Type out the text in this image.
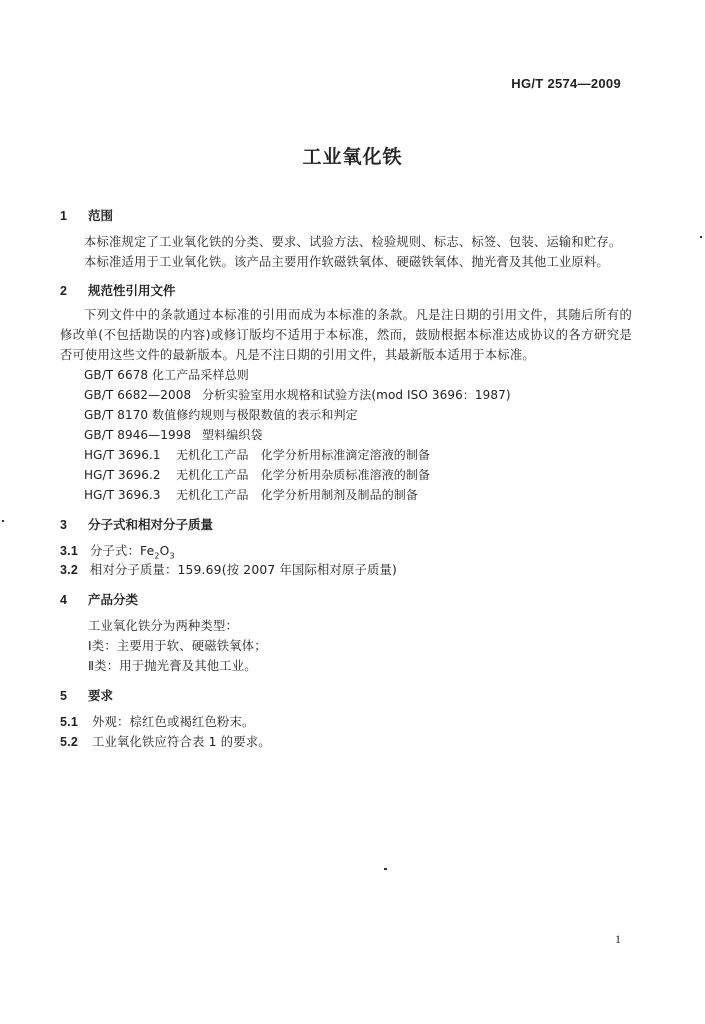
HG/T 2574—2009
工业氧化铁
1 范围
本标准规定了工业氧化铁的分类、要求、试验方法、检验规则、标志、标签、包装、运输和贮存。
本标准适用于工业氧化铁。该产品主要用作软磁铁氧体、硬磁铁氧体、抛光膏及其他工业原料。
2 规范性引用文件
下列文件中的条款通过本标准的引用而成为本标准的条款。凡是注日期的引用文件，其随后所有的修改单(不包括勘误的内容)或修订版均不适用于本标准，然而，鼓励根据本标准达成协议的各方研究是否可使用这些文件的最新版本。凡是不注日期的引用文件，其最新版本适用于本标准。
GB/T 6678 化工产品采样总则
GB/T 6682—2008 分析实验室用水规格和试验方法(mod ISO 3696：1987)
GB/T 8170 数值修约规则与极限数值的表示和判定
GB/T 8946—1998 塑料编织袋
HG/T 3696.1 无机化工产品　化学分析用标准滴定溶液的制备
HG/T 3696.2 无机化工产品　化学分析用杂质标准溶液的制备
HG/T 3696.3 无机化工产品　化学分析用制剂及制品的制备
3 分子式和相对分子质量
3.1 分子式：$Fe_2O_3$
3.2 相对分子质量：159.69(按 2007 年国际相对原子质量)
4 产品分类
工业氧化铁分为两种类型：
Ⅰ类：主要用于软、硬磁铁氧体；
Ⅱ类：用于抛光膏及其他工业。
5 要求
5.1 外观：棕红色或褐红色粉末。
5.2 工业氧化铁应符合表 1 的要求。
1
